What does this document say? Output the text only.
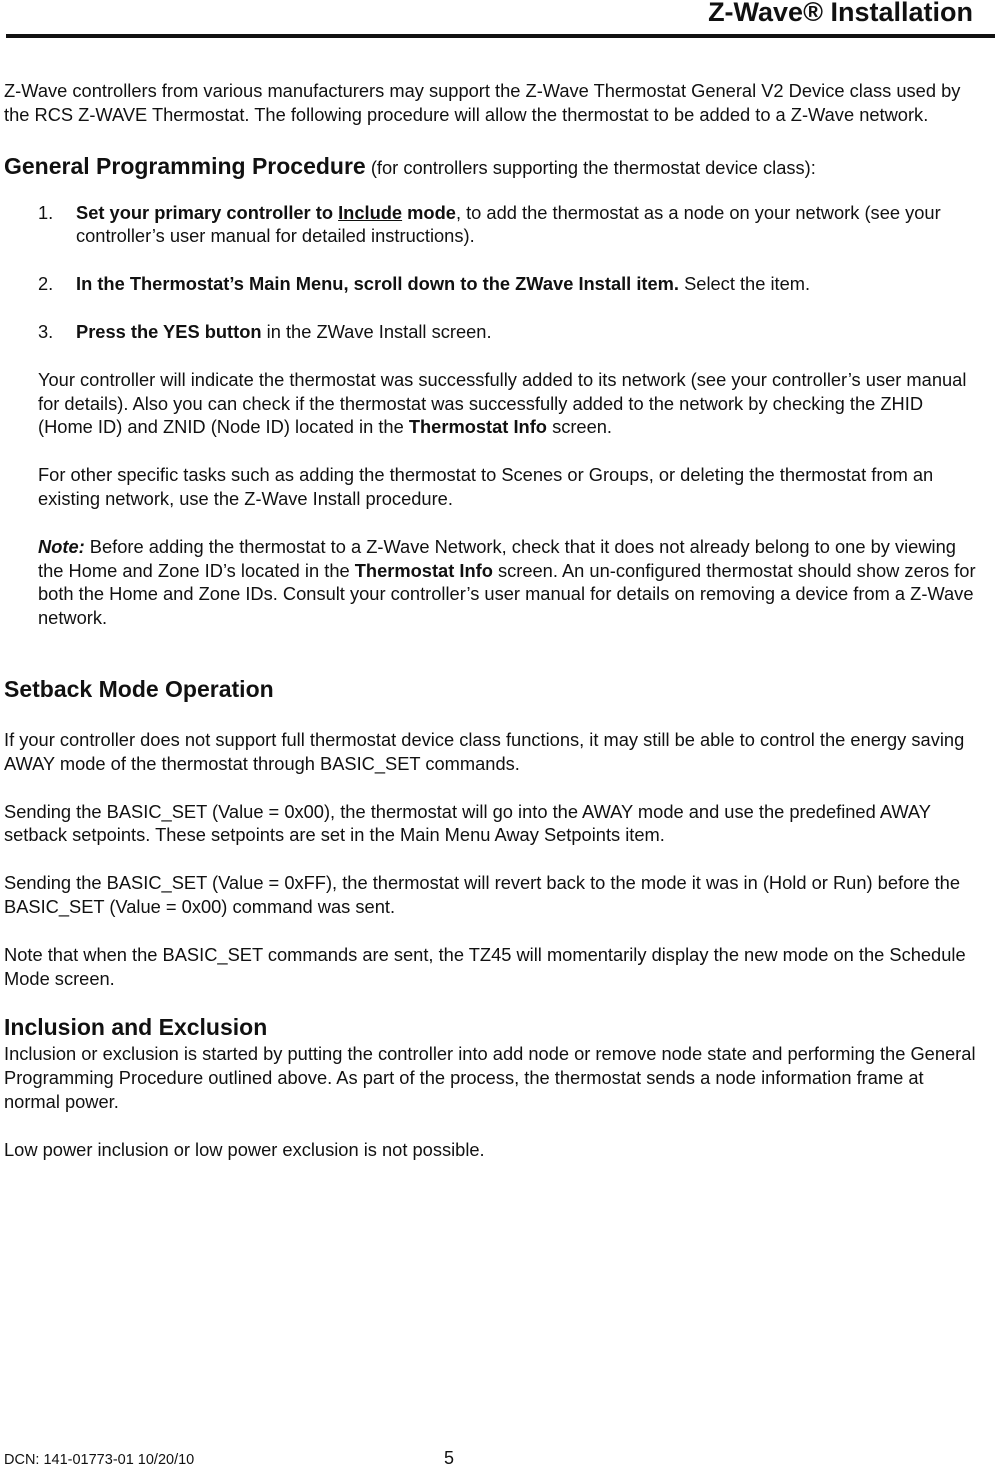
Z-Wave® Installation

Z-Wave controllers from various manufacturers may support the Z-Wave Thermostat General V2 Device class used by the RCS Z-WAVE Thermostat. The following procedure will allow the thermostat to be added to a Z-Wave network.

General Programming Procedure (for controllers supporting the thermostat device class):
1.	Set your primary controller to Include mode, to add the thermostat as a node on your network (see your controller’s user manual for detailed instructions).
2.	In the Thermostat’s Main Menu, scroll down to the ZWave Install item. Select the item.
3.	Press the YES button in the ZWave Install screen.

Your controller will indicate the thermostat was successfully added to its network (see your controller’s user manual for details). Also you can check if the thermostat was successfully added to the network by checking the ZHID (Home ID) and ZNID (Node ID) located in the Thermostat Info screen.

For other specific tasks such as adding the thermostat to Scenes or Groups, or deleting the thermostat from an existing network, use the Z-Wave Install procedure.

Note: Before adding the thermostat to a Z-Wave Network, check that it does not already belong to one by viewing the Home and Zone ID’s located in the Thermostat Info screen. An un-configured thermostat should show zeros for both the Home and Zone IDs. Consult your controller’s user manual for details on removing a device from a Z-Wave network.

Setback Mode Operation

If your controller does not support full thermostat device class functions, it may still be able to control the energy saving AWAY mode of the thermostat through BASIC_SET commands.

Sending the BASIC_SET (Value = 0x00), the thermostat will go into the AWAY mode and use the predefined AWAY setback setpoints. These setpoints are set in the Main Menu Away Setpoints item.

Sending the BASIC_SET (Value = 0xFF), the thermostat will revert back to the mode it was in (Hold or Run) before the BASIC_SET (Value = 0x00) command was sent.

Note that when the BASIC_SET commands are sent, the TZ45 will momentarily display the new mode on the Schedule Mode screen.

Inclusion and Exclusion

Inclusion or exclusion is started by putting the controller into add node or remove node state and performing the General Programming Procedure outlined above. As part of the process, the thermostat sends a node information frame at normal power.

Low power inclusion or low power exclusion is not possible.

DCN: 141-01773-01 10/20/10	5
